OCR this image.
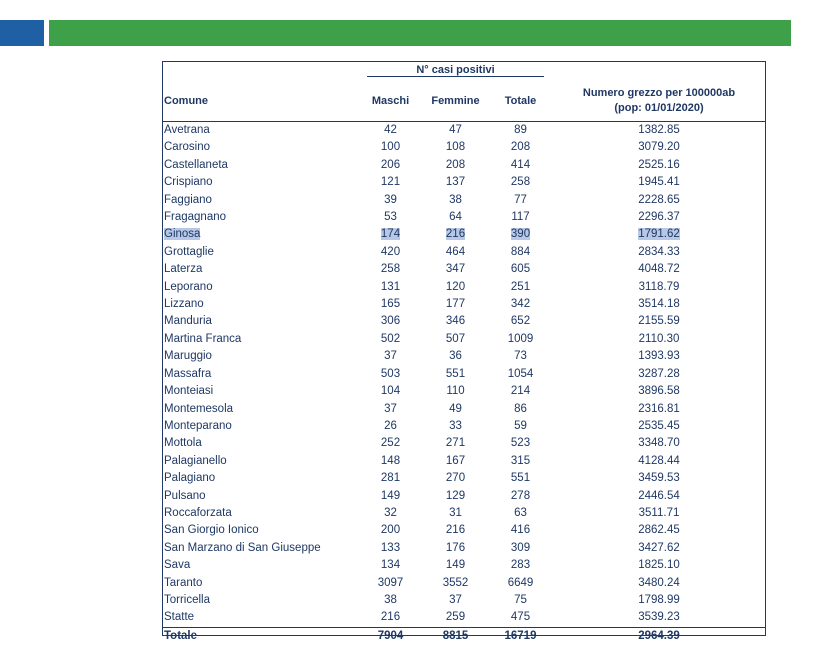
	N° casi positivi			

Comune	Maschi	Femmine	Totale	Numero grezzo per 100000ab
(pop: 01/01/2020)

Avetrana	42	47	89	1382.85
Carosino	100	108	208	3079.20
Castellaneta	206	208	414	2525.16
Crispiano	121	137	258	1945.41
Faggiano	39	38	77	2228.65
Fragagnano	53	64	117	2296.37
Ginosa	174	216	390	1791.62
Grottaglie	420	464	884	2834.33
Laterza	258	347	605	4048.72
Leporano	131	120	251	3118.79
Lizzano	165	177	342	3514.18
Manduria	306	346	652	2155.59
Martina Franca	502	507	1009	2110.30
Maruggio	37	36	73	1393.93
Massafra	503	551	1054	3287.28
Monteiasi	104	110	214	3896.58
Montemesola	37	49	86	2316.81
Monteparano	26	33	59	2535.45
Mottola	252	271	523	3348.70
Palagianello	148	167	315	4128.44
Palagiano	281	270	551	3459.53
Pulsano	149	129	278	2446.54
Roccaforzata	32	31	63	3511.71
San Giorgio Ionico	200	216	416	2862.45
San Marzano di San Giuseppe	133	176	309	3427.62
Sava	134	149	283	1825.10
Taranto	3097	3552	6649	3480.24
Torricella	38	37	75	1798.99
Statte	216	259	475	3539.23
Totale	7904	8815	16719	2964.39
